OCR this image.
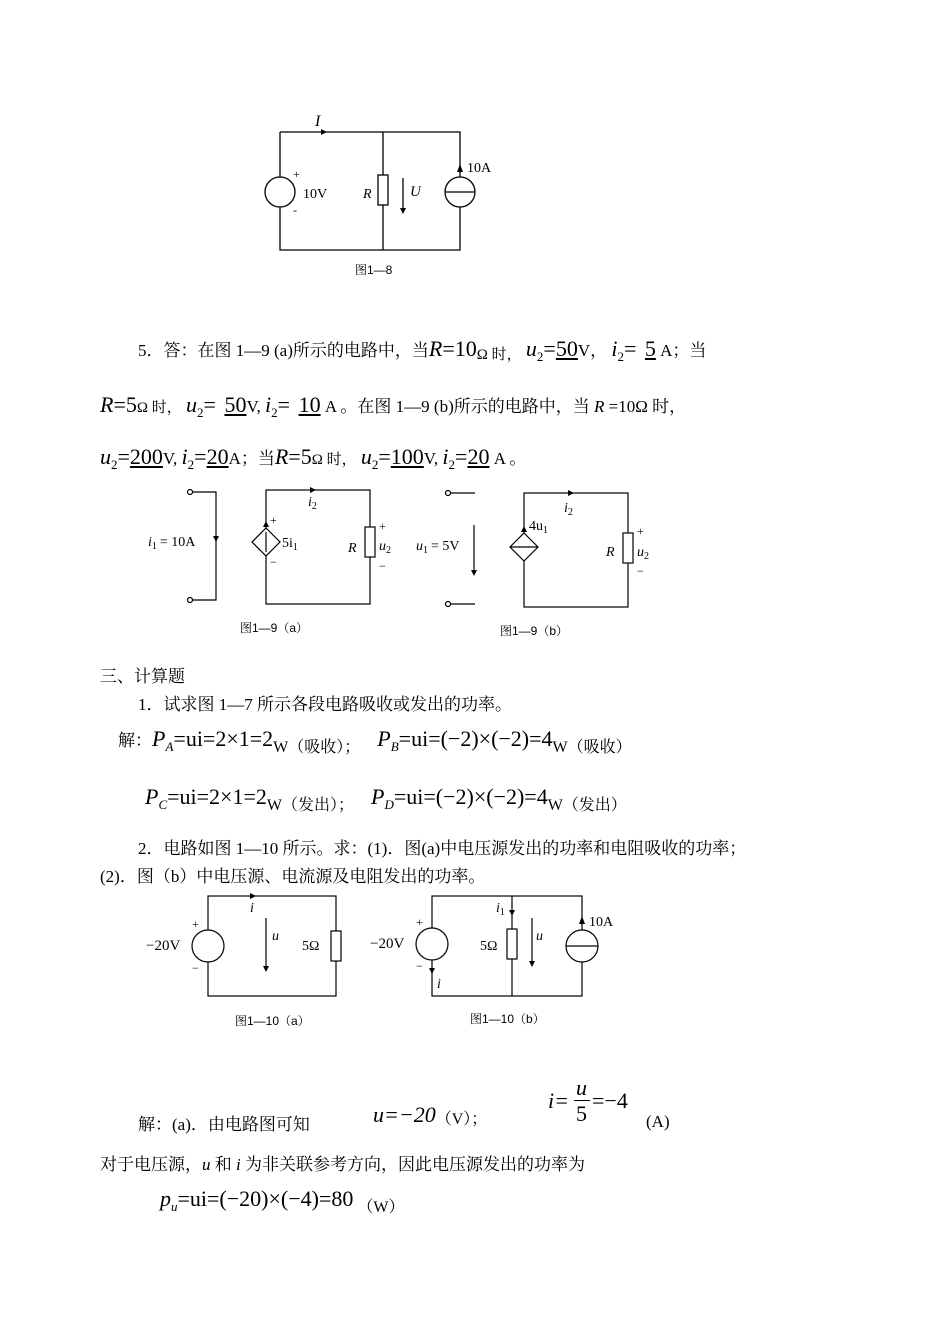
I
+
-
10V	R	U
10A
图1—8
5．答：在图 1—9 (a)所示的电路中，当R=10Ω 时， $u_2=50V$， $i_2= 5$ A；当
R=5Ω 时， $u_2= 50V$, $i_2= 10$ A 。在图 1—9 (b)所示的电路中，当 R =10Ω 时，
$u_2=200V$, $i_2=20A$；当R=5Ω 时， $u_2=100V$, $i_2=20$ A 。
$i_1 = 10A$
+
−
$5i_1$
$i_2$
R
+
$u_2$
−
$u_1 = 5V$
$4u_1$
$i_2$
R
+
$u_2$
−
图1—9（a）	图1—9（b）
三、计算题
1．试求图 1—7 所示各段电路吸收或发出的功率。
解：$P_A=ui=2\times 1=2W$（吸收）； $P_B=ui=(-2)\times(-2)=4W$（吸收）
$P_C=ui=2\times 1=2W$（发出）； $P_D=ui=(-2)\times(-2)=4W$（发出）
2．电路如图 1—10 所示。求：(1)．图(a)中电压源发出的功率和电阻吸收的功率；
(2)．图（b）中电压源、电流源及电阻发出的功率。
+
−
−20V
i
u
5Ω
+
−
−20V
i
$i_1$
5Ω
u
10A
图1—10（a）	图1—10（b）
解：(a)．由电路图可知	u=−20（V）；
i=
u
5
=−4
(A)
对于电压源，u 和 i 为非关联参考方向，因此电压源发出的功率为
$p_u=ui=(-20)\times(-4)=80$ （W）
